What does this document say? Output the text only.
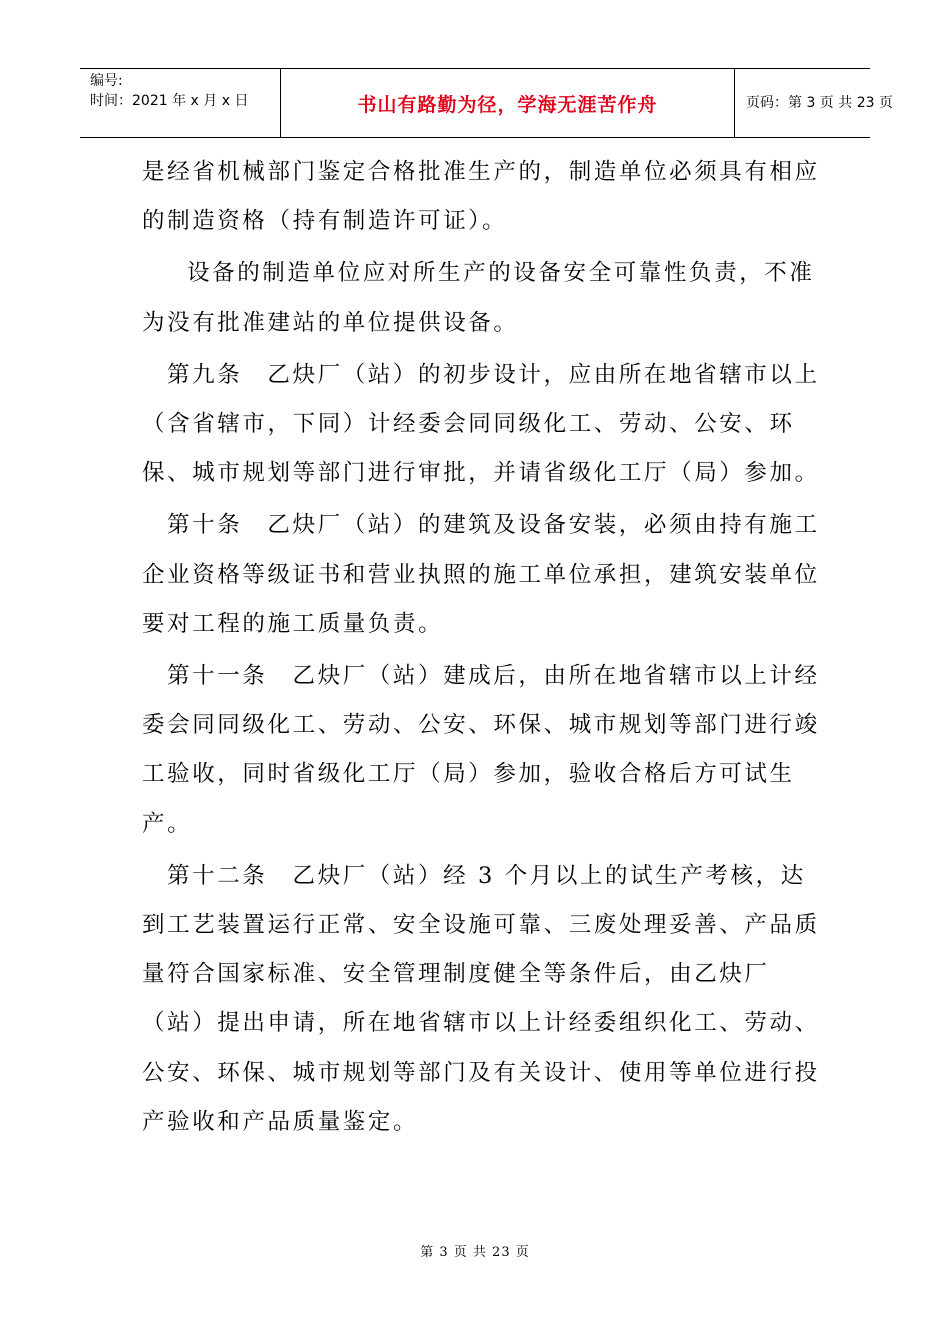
编号:
时间：2021 年 x 月 x 日	书山有路勤为径，学海无涯苦作舟	页码：第 3 页 共 23 页

是经省机械部门鉴定合格批准生产的，制造单位必须具有相应的制造资格（持有制造许可证）。

设备的制造单位应对所生产的设备安全可靠性负责，不准为没有批准建站的单位提供设备。

第九条　乙炔厂（站）的初步设计，应由所在地省辖市以上（含省辖市，下同）计经委会同同级化工、劳动、公安、环保、城市规划等部门进行审批，并请省级化工厅（局）参加。

第十条　乙炔厂（站）的建筑及设备安装，必须由持有施工企业资格等级证书和营业执照的施工单位承担，建筑安装单位要对工程的施工质量负责。

第十一条　乙炔厂（站）建成后，由所在地省辖市以上计经委会同同级化工、劳动、公安、环保、城市规划等部门进行竣工验收，同时省级化工厅（局）参加，验收合格后方可试生产。

第十二条　乙炔厂（站）经 3 个月以上的试生产考核，达到工艺装置运行正常、安全设施可靠、三废处理妥善、产品质量符合国家标准、安全管理制度健全等条件后，由乙炔厂（站）提出申请，所在地省辖市以上计经委组织化工、劳动、公安、环保、城市规划等部门及有关设计、使用等单位进行投产验收和产品质量鉴定。

第 3 页 共 23 页
